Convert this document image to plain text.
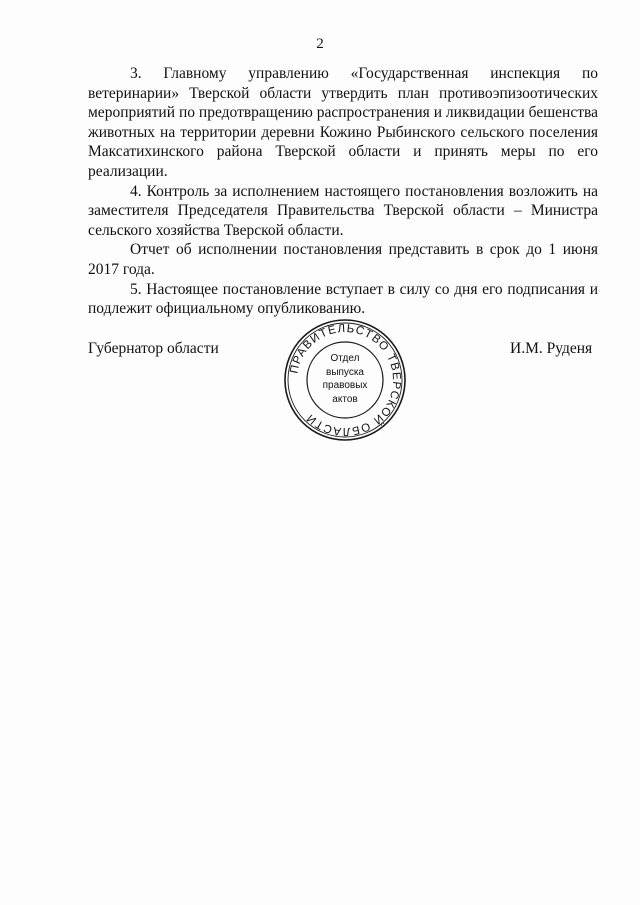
2

3. Главному управлению «Государственная инспекция по ветеринарии» Тверской области утвердить план противоэпизоотических мероприятий по предотвращению распространения и ликвидации бешенства животных на территории деревни Кожино Рыбинского сельского поселения Максатихинского района Тверской области и принять меры по его реализации.

4. Контроль за исполнением настоящего постановления возложить на заместителя Председателя Правительства Тверской области – Министра сельского хозяйства Тверской области.

Отчет об исполнении постановления представить в срок до 1 июня 2017 года.

5. Настоящее постановление вступает в силу со дня его подписания и подлежит официальному опубликованию.

Губернатор области
ПРАВИТЕЛЬСТВО ТВЕРСКОЙ ОБЛАСТИ
Отдел
выпуска
правовых
актов
И.М. Руденя
